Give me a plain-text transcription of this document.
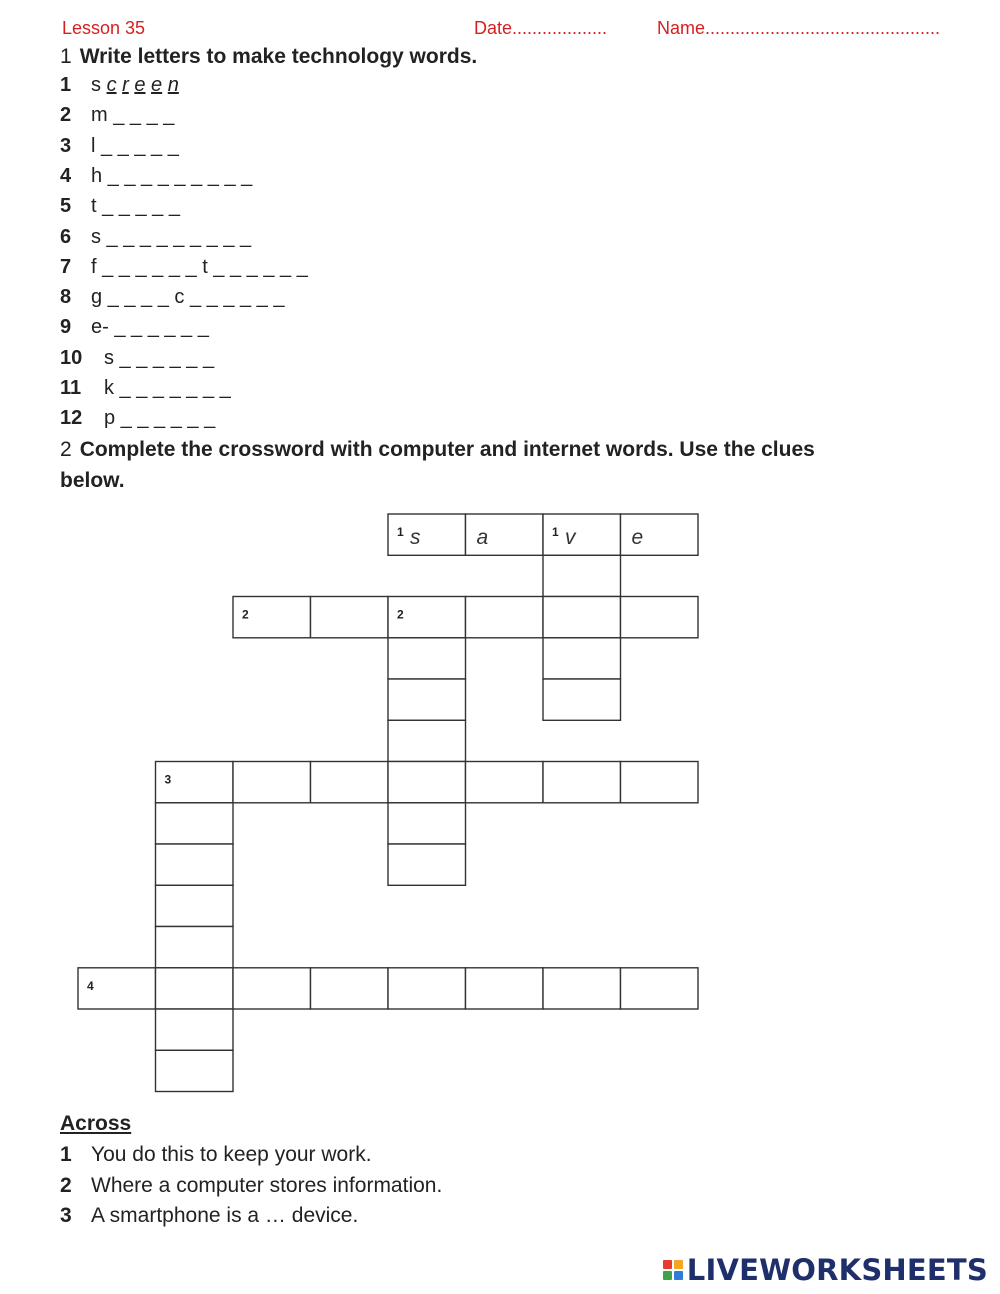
Lesson 35	Date...................	Name...............................................
1 Write letters to make technology words.
1 s c r e e n
2 m _ _ _ _
3 l _ _ _ _ _
4 h _ _ _ _ _ _ _ _ _
5 t _ _ _ _ _
6 s _ _ _ _ _ _ _ _ _
7 f _ _ _ _ _ _ t _ _ _ _ _ _
8 g _ _ _ _ c _ _ _ _ _ _
9 e- _ _ _ _ _ _
10 s _ _ _ _ _ _
11 k _ _ _ _ _ _ _
12 p _ _ _ _ _ _
2 Complete the crossword with computer and internet words. Use the clues
below.
1	1
2	2
3
4
s	a	v	e
Across
1 You do this to keep your work.
2 Where a computer stores information.
3 A smartphone is a … device.
LIVEWORKSHEETS
